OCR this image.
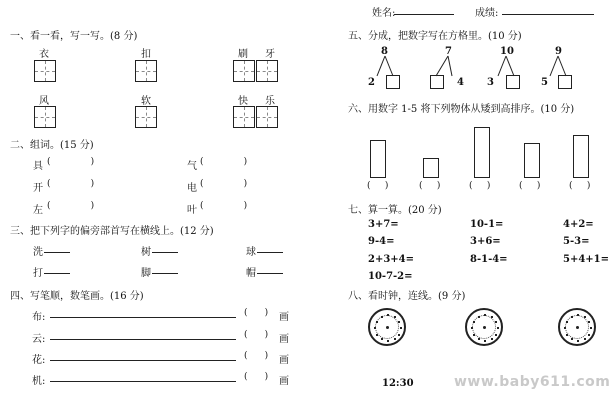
姓名:	成绩:
一、看一看，写一写。(8 分)
衣	扣	刷 牙
风	软	快 乐
二、组词。(15 分)
具 (              )	气 (              )
开 (              )	电 (              )
左 (              )	叶 (              )
三、把下列字的偏旁部首写在横线上。(12 分)
洗	树	球
打	脚	帽
四、写笔顺，数笔画。(16 分)
布:	(      ) 画
云:	(      ) 画
花:	(      ) 画
机:	(      ) 画
五、分成，把数字写在方格里。(10 分)
8
2
7
4
10
3
9
5
六、用数字 1-5 将下列物体从矮到高排序。(10 分)
(     )	(     )	(     )	(     )	(     )
七、算一算。(20 分)
3+7=	10-1=	4+2=
9-4=	3+6=	5-3=
2+3+4=	8-1-4=	5+4+1=
10-7-2=
八、看时钟，连线。(9 分)
12:30	www.baby611.com
